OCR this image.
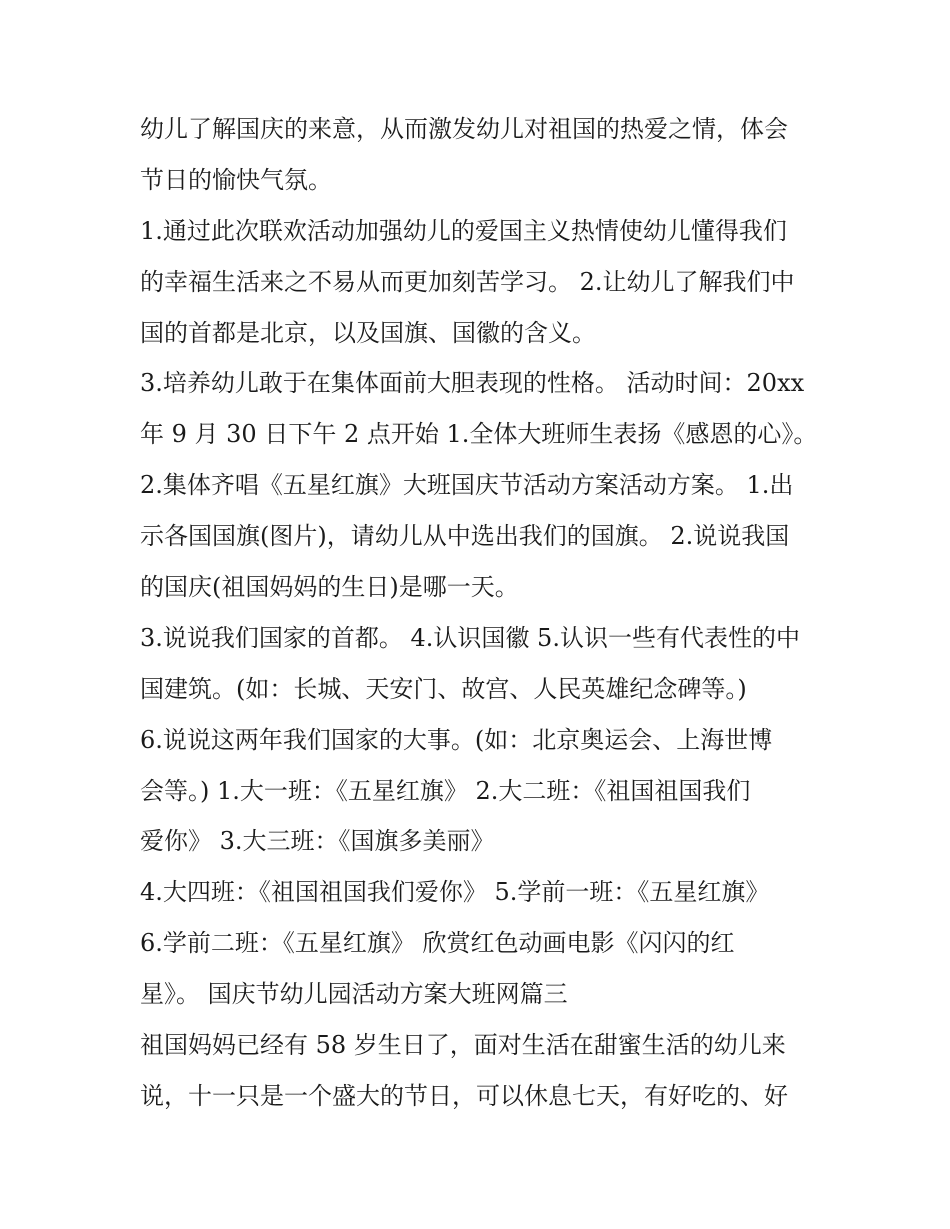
幼儿了解国庆的来意，从而激发幼儿对祖国的热爱之情，体会
节日的愉快气氛。
1.通过此次联欢活动加强幼儿的爱国主义热情使幼儿懂得我们
的幸福生活来之不易从而更加刻苦学习。 2.让幼儿了解我们中
国的首都是北京，以及国旗、国徽的含义。
3.培养幼儿敢于在集体面前大胆表现的性格。 活动时间：20xx
年 9 月 30 日下午 2 点开始 1.全体大班师生表扬《感恩的心》。
2.集体齐唱《五星红旗》大班国庆节活动方案活动方案。 1.出
示各国国旗(图片)，请幼儿从中选出我们的国旗。 2.说说我国
的国庆(祖国妈妈的生日)是哪一天。
3.说说我们国家的首都。 4.认识国徽 5.认识一些有代表性的中
国建筑。(如：长城、天安门、故宫、人民英雄纪念碑等。)
6.说说这两年我们国家的大事。(如：北京奥运会、上海世博
会等。) 1.大一班：《五星红旗》 2.大二班：《祖国祖国我们
爱你》 3.大三班：《国旗多美丽》
4.大四班：《祖国祖国我们爱你》 5.学前一班：《五星红旗》
6.学前二班：《五星红旗》 欣赏红色动画电影《闪闪的红
星》。 国庆节幼儿园活动方案大班网篇三
祖国妈妈已经有 58 岁生日了，面对生活在甜蜜生活的幼儿来
说，十一只是一个盛大的节日，可以休息七天，有好吃的、好
